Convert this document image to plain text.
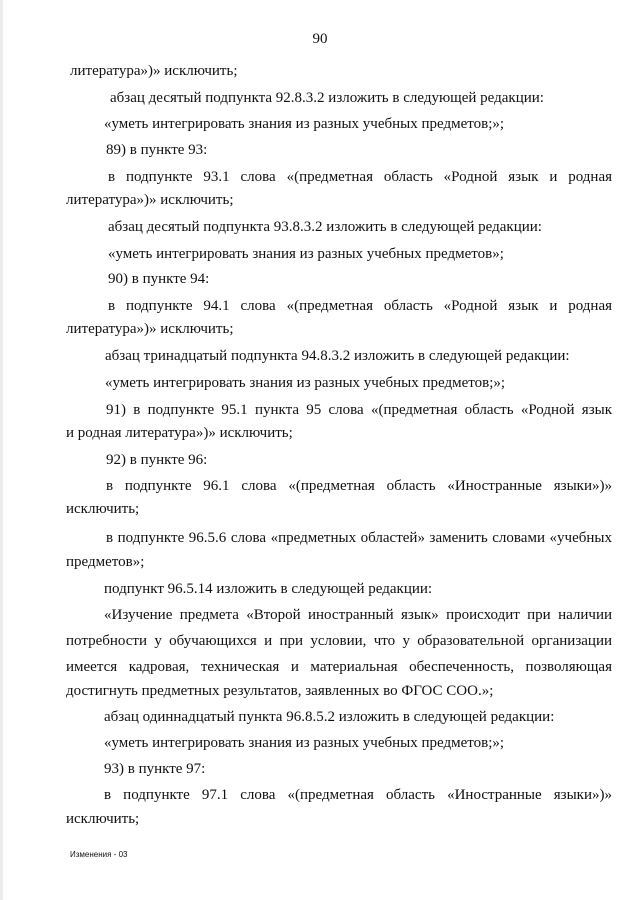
90
литература»)» исключить;
абзац десятый подпункта 92.8.3.2 изложить в следующей редакции:
«уметь интегрировать знания из разных учебных предметов;»;
89) в пункте 93:
в подпункте 93.1 слова «(предметная область «Родной язык и родная
литература»)» исключить;
абзац десятый подпункта 93.8.3.2 изложить в следующей редакции:
«уметь интегрировать знания из разных учебных предметов»;
90) в пункте 94:
в подпункте 94.1 слова «(предметная область «Родной язык и родная
литература»)» исключить;
абзац тринадцатый подпункта 94.8.3.2 изложить в следующей редакции:
«уметь интегрировать знания из разных учебных предметов;»;
91) в подпункте 95.1 пункта 95 слова «(предметная область «Родной язык
и родная литература»)» исключить;
92) в пункте 96:
в подпункте 96.1 слова «(предметная область «Иностранные языки»)»
исключить;
в подпункте 96.5.6 слова «предметных областей» заменить словами «учебных
предметов»;
подпункт 96.5.14 изложить в следующей редакции:
«Изучение предмета «Второй иностранный язык» происходит при наличии
потребности у обучающихся и при условии, что у образовательной организации
имеется кадровая, техническая и материальная обеспеченность, позволяющая
достигнуть предметных результатов, заявленных во ФГОС СОО.»;
абзац одиннадцатый пункта 96.8.5.2 изложить в следующей редакции:
«уметь интегрировать знания из разных учебных предметов;»;
93) в пункте 97:
в подпункте 97.1 слова «(предметная область «Иностранные языки»)»
исключить;
Изменения - 03
